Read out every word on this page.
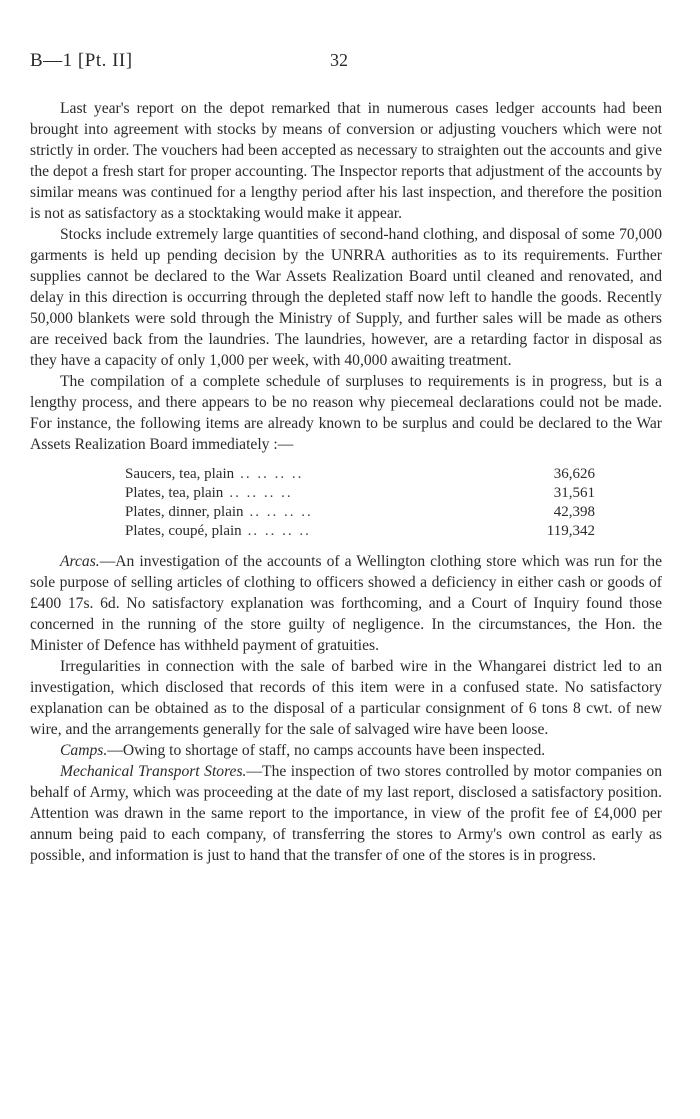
B—1 [Pt. II]	32

Last year's report on the depot remarked that in numerous cases ledger accounts had been brought into agreement with stocks by means of conversion or adjusting vouchers which were not strictly in order. The vouchers had been accepted as necessary to straighten out the accounts and give the depot a fresh start for proper accounting. The Inspector reports that adjustment of the accounts by similar means was continued for a lengthy period after his last inspection, and therefore the position is not as satisfactory as a stocktaking would make it appear.

Stocks include extremely large quantities of second-hand clothing, and disposal of some 70,000 garments is held up pending decision by the UNRRA authorities as to its requirements. Further supplies cannot be declared to the War Assets Realization Board until cleaned and renovated, and delay in this direction is occurring through the depleted staff now left to handle the goods. Recently 50,000 blankets were sold through the Ministry of Supply, and further sales will be made as others are received back from the laundries. The laundries, however, are a retarding factor in disposal as they have a capacity of only 1,000 per week, with 40,000 awaiting treatment.

The compilation of a complete schedule of surpluses to requirements is in progress, but is a lengthy process, and there appears to be no reason why piecemeal declarations could not be made. For instance, the following items are already known to be surplus and could be declared to the War Assets Realization Board immediately :—

Saucers, tea, plain .. .. .. ..	36,626
Plates, tea, plain .. .. .. ..	31,561
Plates, dinner, plain .. .. .. ..	42,398
Plates, coupé, plain .. .. .. ..	119,342

Arcas.—An investigation of the accounts of a Wellington clothing store which was run for the sole purpose of selling articles of clothing to officers showed a deficiency in either cash or goods of £400 17s. 6d. No satisfactory explanation was forthcoming, and a Court of Inquiry found those concerned in the running of the store guilty of negligence. In the circumstances, the Hon. the Minister of Defence has withheld payment of gratuities.

Irregularities in connection with the sale of barbed wire in the Whangarei district led to an investigation, which disclosed that records of this item were in a confused state. No satisfactory explanation can be obtained as to the disposal of a particular consignment of 6 tons 8 cwt. of new wire, and the arrangements generally for the sale of salvaged wire have been loose.

Camps.—Owing to shortage of staff, no camps accounts have been inspected.

Mechanical Transport Stores.—The inspection of two stores controlled by motor companies on behalf of Army, which was proceeding at the date of my last report, disclosed a satisfactory position. Attention was drawn in the same report to the importance, in view of the profit fee of £4,000 per annum being paid to each company, of transferring the stores to Army's own control as early as possible, and information is just to hand that the transfer of one of the stores is in progress.
